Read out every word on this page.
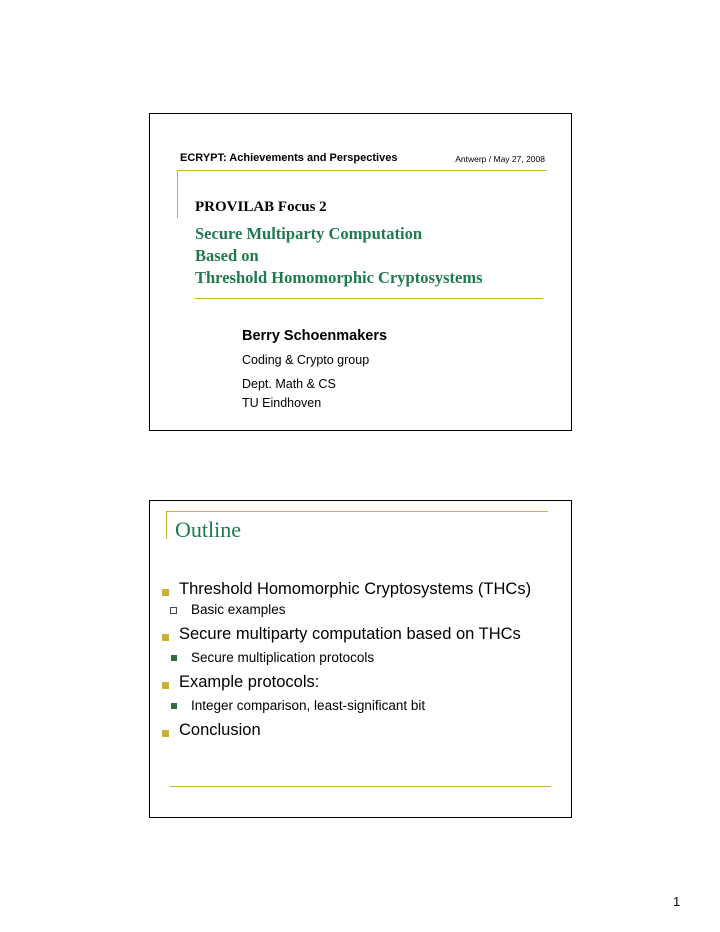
ECRYPT: Achievements and Perspectives	Antwerp / May 27, 2008
PROVILAB Focus 2
Secure Multiparty Computation
Based on
Threshold Homomorphic Cryptosystems
Berry Schoenmakers
Coding & Crypto group
Dept. Math & CS
TU Eindhoven
Outline
Threshold Homomorphic Cryptosystems (THCs)
Basic examples
Secure multiparty computation based on THCs
Secure multiplication protocols
Example protocols:
Integer comparison, least-significant bit
Conclusion
1
